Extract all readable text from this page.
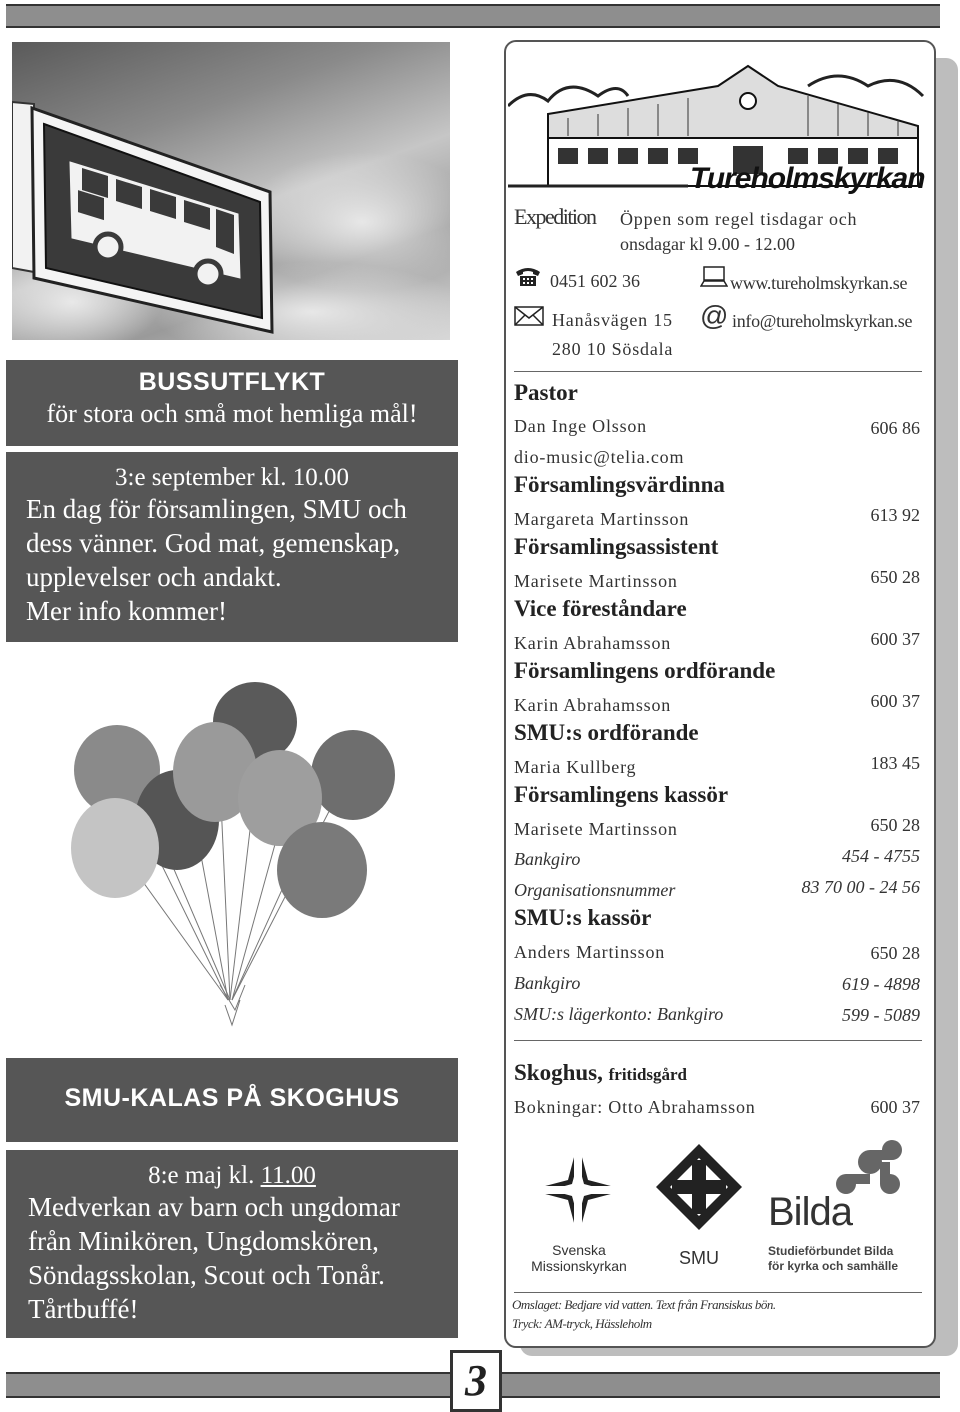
3
BUSSUTFLYKT
för stora och små mot hemliga mål!
3:e september kl. 10.00
En dag för församlingen, SMU och
dess vänner. God mat, gemenskap,
upplevelser och andakt.
Mer info kommer!
SMU-KALAS PÅ SKOGHUS
8:e maj kl. 11.00
Medverkan av barn och ungdomar
från Minikören, Ungdomskören,
Söndagsskolan, Scout och Tonår.
Tårtbuffé!
Tureholmskyrkan
Expedition Öppen som regel tisdagar och
onsdagar kl 9.00 - 12.00
0451 602 36	www.tureholmskyrkan.se
Hanåsvägen 15 @ info@tureholmskyrkan.se
280 10 Sösdala
Pastor
Dan Inge Olsson	606 86
dio-music@telia.com
Församlingsvärdinna
Margareta Martinsson	613 92
Församlingsassistent
Marisete Martinsson	650 28
Vice föreståndare
Karin Abrahamsson	600 37
Församlingens ordförande
Karin Abrahamsson	600 37
SMU:s ordförande
Maria Kullberg	183 45
Församlingens kassör
Marisete Martinsson	650 28
Bankgiro	454 - 4755
Organisationsnummer	83 70 00 - 24 56
SMU:s kassör
Anders Martinsson	650 28
Bankgiro	619 - 4898
SMU:s lägerkonto: Bankgiro	599 - 5089
Skoghus, fritidsgård
Bokningar: Otto Abrahamsson	600 37
Svenska Missionskyrkan	SMU
Bilda
Studieförbundet Bilda
för kyrka och samhälle
Omslaget: Bedjare vid vatten. Text från Fransiskus bön.
Tryck: AM-tryck, Hässleholm
